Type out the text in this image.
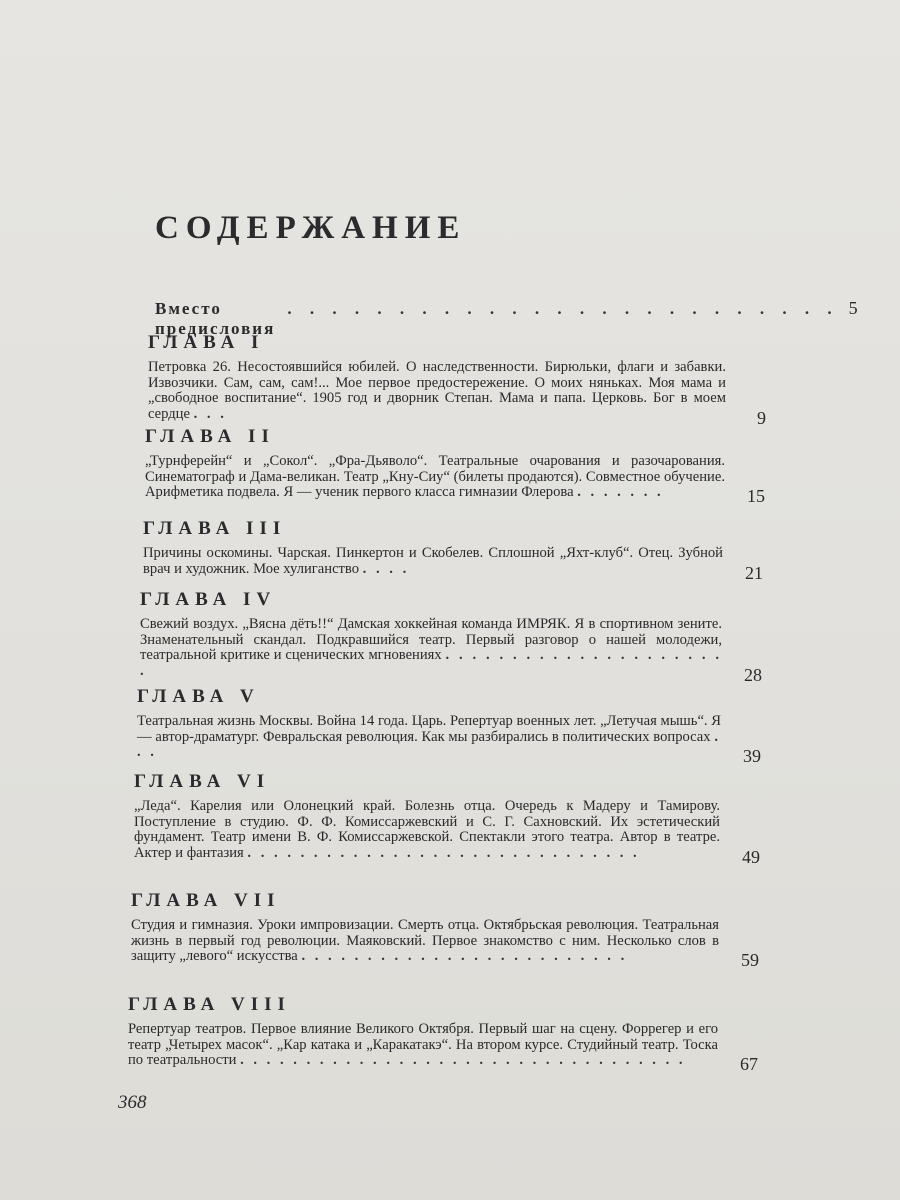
СОДЕРЖАНИЕ
Вместо предисловия
. . . . . . . . . . . . . . . . . . . . . . . . . 5
ГЛАВА I
Петровка 26. Несостоявшийся юбилей. О наследственности. Бирюльки, флаги и забавки. Извозчики. Сам, сам, сам!... Мое первое предостережение. О моих няньках. Моя мама и „свободное воспитание“. 1905 год и дворник Степан. Мама и папа. Церковь. Бог в моем сердце . . .	9
ГЛАВА II
„Турнферейн“ и „Сокол“. „Фра-Дьяволо“. Театральные очарования и разочарования. Синематограф и Дама-великан. Театр „Кну-Сиу“ (билеты продаются). Совместное обучение. Арифметика подвела. Я — ученик первого класса гимназии Флерова . . . . . . .	15
ГЛАВА III
Причины оскомины. Чарская. Пинкертон и Скобелев. Сплошной „Яхт-клуб“. Отец. Зубной врач и художник. Мое хулиганство . . . .	21
ГЛАВА IV
Свежий воздух. „Вясна дёть!!“ Дамская хоккейная команда ИМРЯК. Я в спортивном зените. Знаменательный скандал. Подкравшийся театр. Первый разговор о нашей молодежи, театральной критике и сценических мгновениях . . . . . . . . . . . . . . . . . . . . . .	28
ГЛАВА V
Театральная жизнь Москвы. Война 14 года. Царь. Репертуар военных лет. „Летучая мышь“. Я — автор-драматург. Февральская революция. Как мы разбирались в политических вопросах . . .	39
ГЛАВА VI
„Леда“. Карелия или Олонецкий край. Болезнь отца. Очередь к Мадеру и Тамирову. Поступление в студию. Ф. Ф. Комиссаржевский и С. Г. Сахновский. Их эстетический фундамент. Театр имени В. Ф. Комиссаржевской. Спектакли этого театра. Автор в театре. Актер и фантазия . . . . . . . . . . . . . . . . . . . . . . . . . . . . . .	49
ГЛАВА VII
Студия и гимназия. Уроки импровизации. Смерть отца. Октябрьская революция. Театральная жизнь в первый год революции. Маяковский. Первое знакомство с ним. Несколько слов в защиту „левого“ искусства . . . . . . . . . . . . . . . . . . . . . . . . .	59
ГЛАВА VIII
Репертуар театров. Первое влияние Великого Октября. Первый шаг на сцену. Форрегер и его театр „Четырех масок“. „Кар катака и „Каракатакэ“. На втором курсе. Студийный театр. Тоска по театральности . . . . . . . . . . . . . . . . . . . . . . . . . . . . . . . . . .	67
368
